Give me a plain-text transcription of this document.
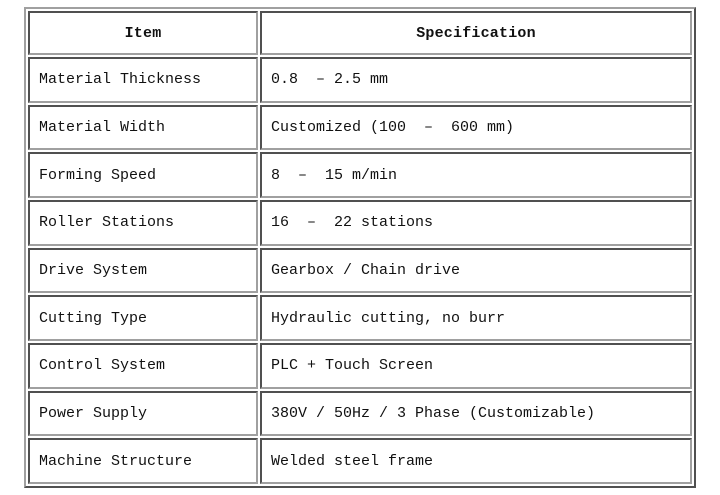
Item	Specification
Material Thickness	0.8  – 2.5 mm
Material Width	Customized (100  –  600 mm)
Forming Speed	8  –  15 m/min
Roller Stations	16  –  22 stations
Drive System	Gearbox / Chain drive
Cutting Type	Hydraulic cutting, no burr
Control System	PLC + Touch Screen
Power Supply	380V / 50Hz / 3 Phase (Customizable)
Machine Structure	Welded steel frame
